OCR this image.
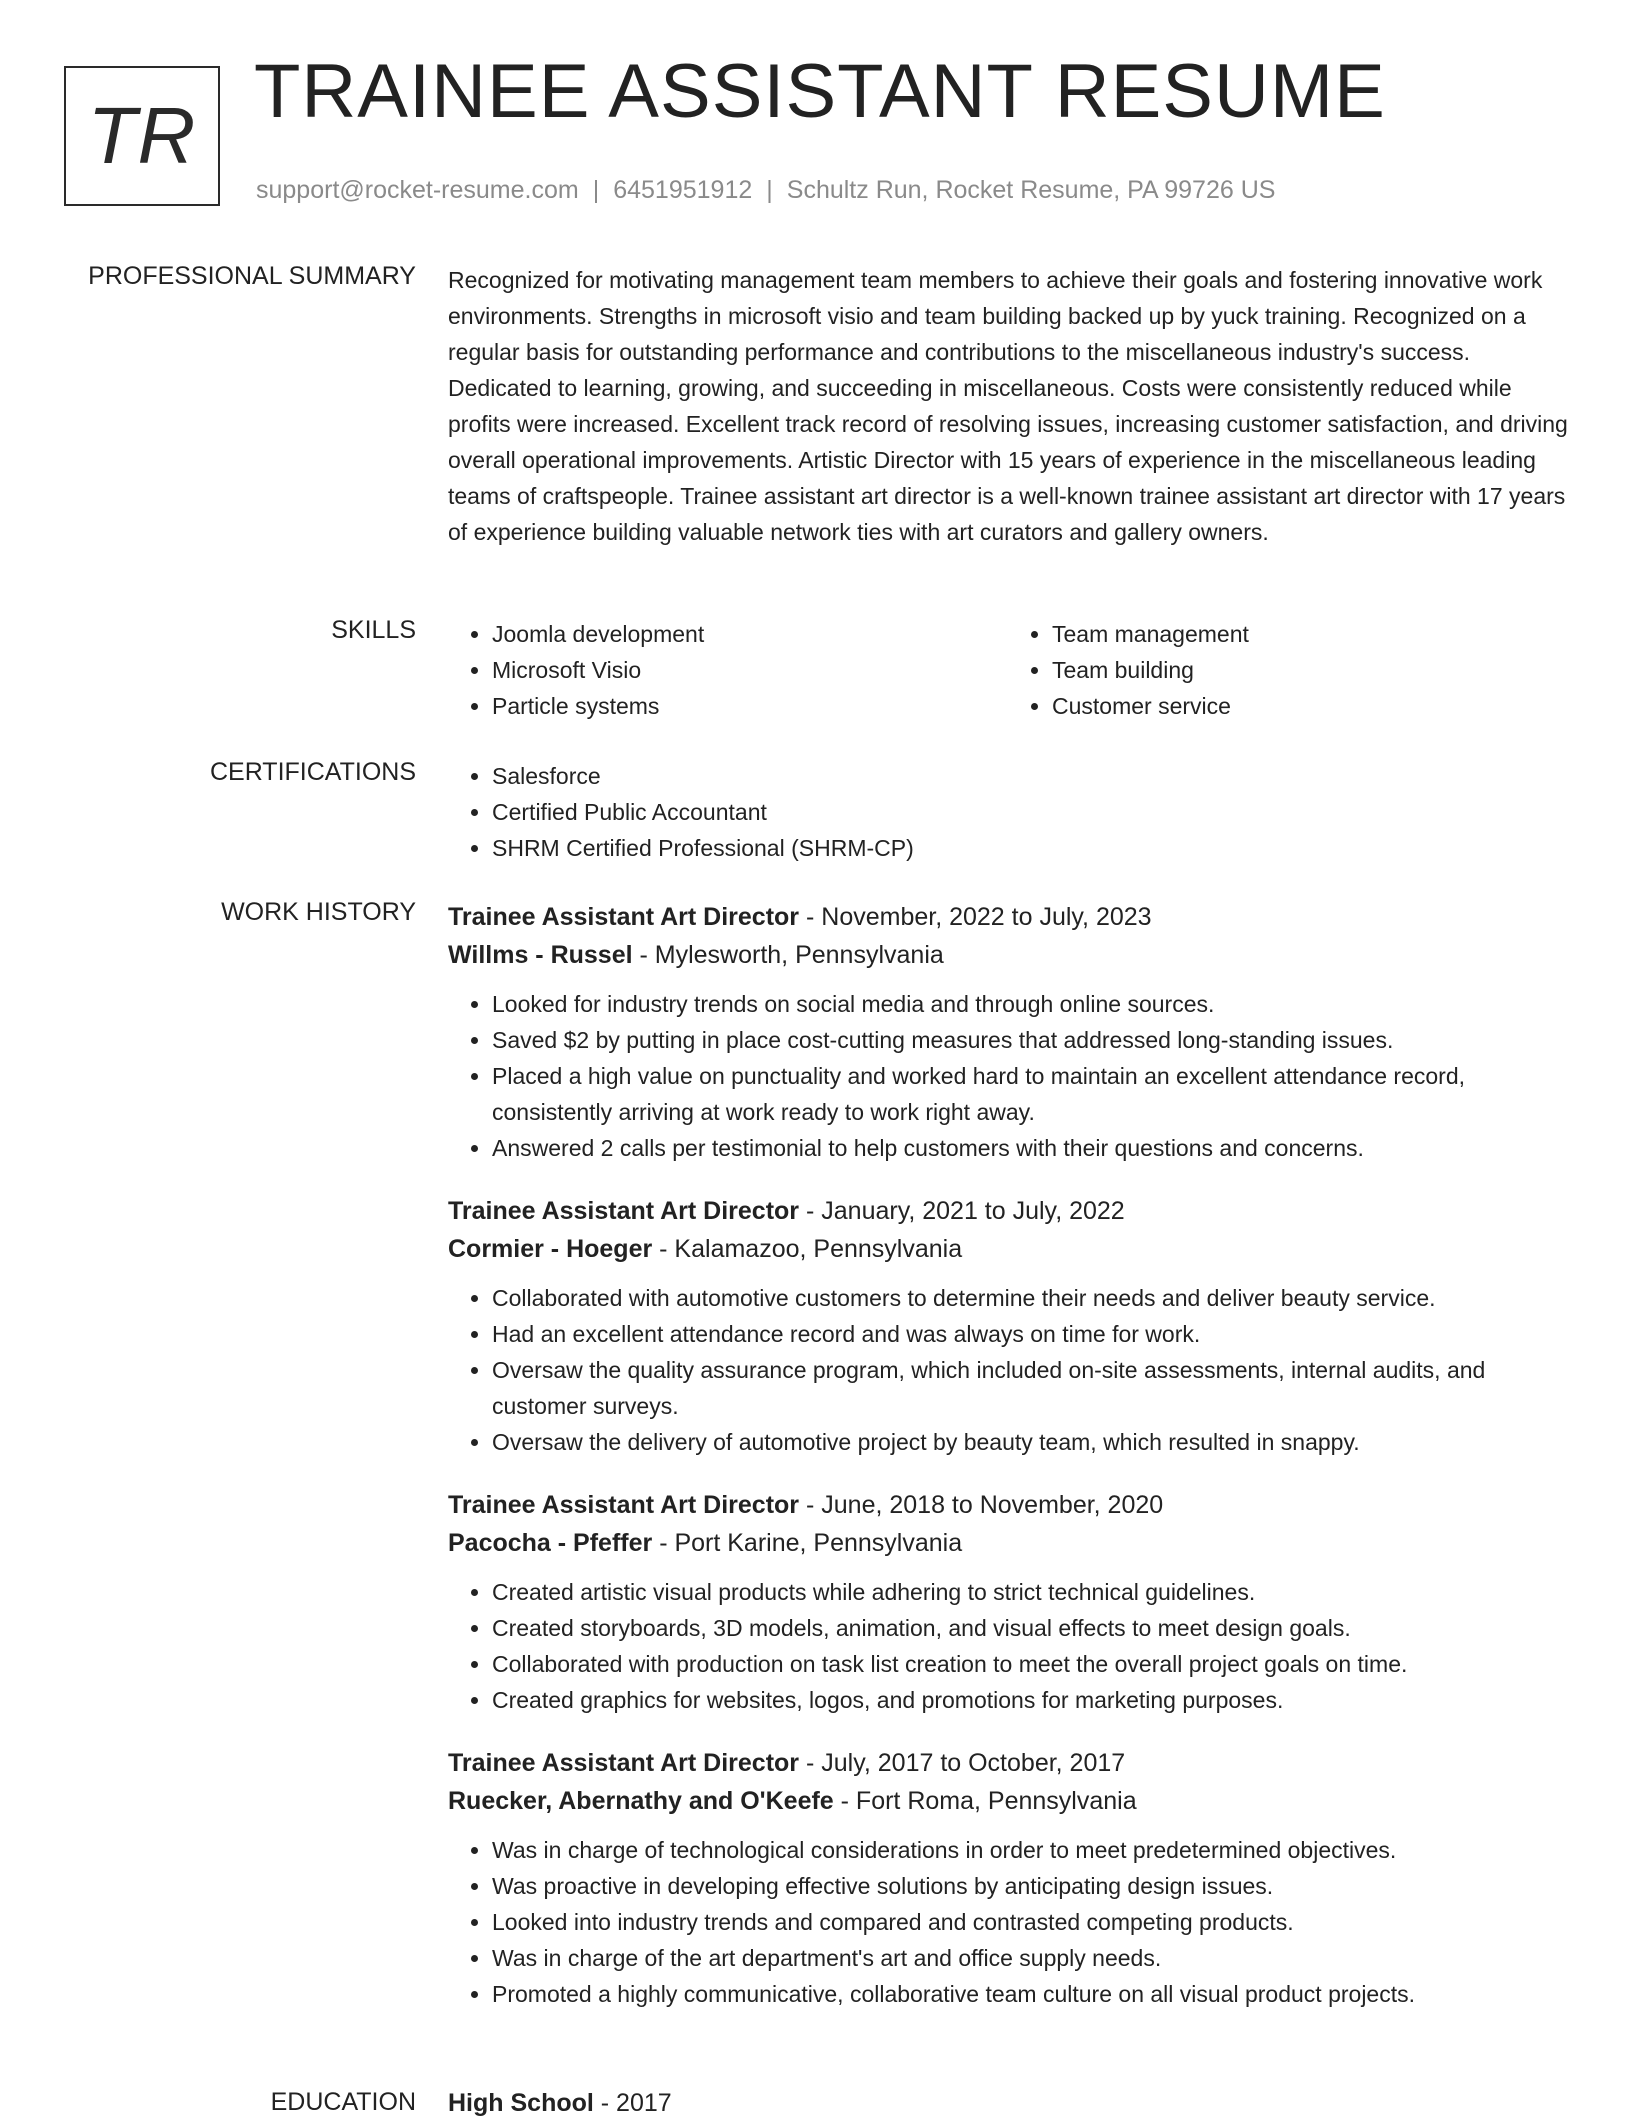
TR TRAINEE ASSISTANT RESUME
support@rocket-resume.com | 6451951912 | Schultz Run, Rocket Resume, PA 99726 US
PROFESSIONAL SUMMARY Recognized for motivating management team members to achieve their goals and fostering innovative work environments. Strengths in microsoft visio and team building backed up by yuck training. Recognized on a regular basis for outstanding performance and contributions to the miscellaneous industry's success. Dedicated to learning, growing, and succeeding in miscellaneous. Costs were consistently reduced while profits were increased. Excellent track record of resolving issues, increasing customer satisfaction, and driving overall operational improvements. Artistic Director with 15 years of experience in the miscellaneous leading teams of craftspeople. Trainee assistant art director is a well-known trainee assistant art director with 17 years of experience building valuable network ties with art curators and gallery owners.

SKILLS	• Joomla development
• Microsoft Visio
• Particle systems
• Team management
• Team building
• Customer service
CERTIFICATIONS	• Salesforce
• Certified Public Accountant
• SHRM Certified Professional (SHRM-CP)
WORK HISTORY Trainee Assistant Art Director - November, 2022 to July, 2023
Willms - Russel - Mylesworth, Pennsylvania
• Looked for industry trends on social media and through online sources.
• Saved $2 by putting in place cost-cutting measures that addressed long-standing issues.
• Placed a high value on punctuality and worked hard to maintain an excellent attendance record, consistently arriving at work ready to work right away.
• Answered 2 calls per testimonial to help customers with their questions and concerns.
Trainee Assistant Art Director - January, 2021 to July, 2022
Cormier - Hoeger - Kalamazoo, Pennsylvania
• Collaborated with automotive customers to determine their needs and deliver beauty service.
• Had an excellent attendance record and was always on time for work.
• Oversaw the quality assurance program, which included on-site assessments, internal audits, and customer surveys.
• Oversaw the delivery of automotive project by beauty team, which resulted in snappy.
Trainee Assistant Art Director - June, 2018 to November, 2020
Pacocha - Pfeffer - Port Karine, Pennsylvania
• Created artistic visual products while adhering to strict technical guidelines.
• Created storyboards, 3D models, animation, and visual effects to meet design goals.
• Collaborated with production on task list creation to meet the overall project goals on time.
• Created graphics for websites, logos, and promotions for marketing purposes.
Trainee Assistant Art Director - July, 2017 to October, 2017
Ruecker, Abernathy and O'Keefe - Fort Roma, Pennsylvania
• Was in charge of technological considerations in order to meet predetermined objectives.
• Was proactive in developing effective solutions by anticipating design issues.
• Looked into industry trends and compared and contrasted competing products.
• Was in charge of the art department's art and office supply needs.
• Promoted a highly communicative, collaborative team culture on all visual product projects.
EDUCATION High School - 2017
